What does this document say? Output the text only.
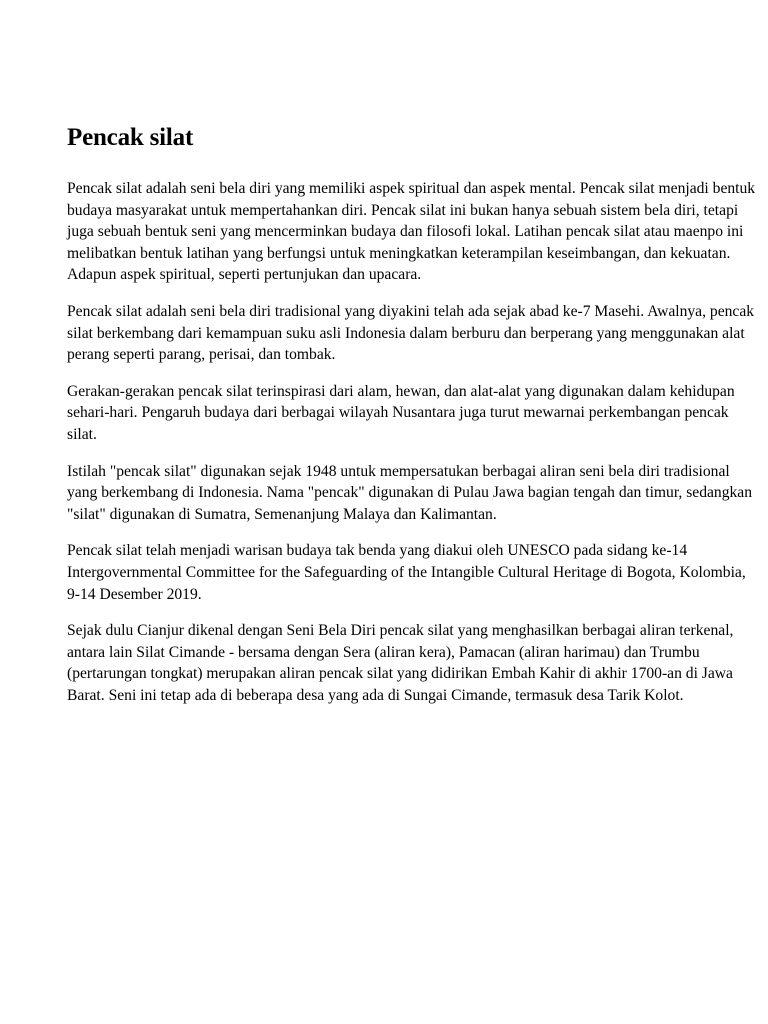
Pencak silat

Pencak silat adalah seni bela diri yang memiliki aspek spiritual dan aspek mental. Pencak silat menjadi bentuk budaya masyarakat untuk mempertahankan diri. Pencak silat ini bukan hanya sebuah sistem bela diri, tetapi juga sebuah bentuk seni yang mencerminkan budaya dan filosofi lokal. Latihan pencak silat atau maenpo ini melibatkan bentuk latihan yang berfungsi untuk meningkatkan keterampilan keseimbangan, dan kekuatan. Adapun aspek spiritual, seperti pertunjukan dan upacara.

Pencak silat adalah seni bela diri tradisional yang diyakini telah ada sejak abad ke-7 Masehi. Awalnya, pencak silat berkembang dari kemampuan suku asli Indonesia dalam berburu dan berperang yang menggunakan alat perang seperti parang, perisai, dan tombak.

Gerakan-gerakan pencak silat terinspirasi dari alam, hewan, dan alat-alat yang digunakan dalam kehidupan sehari-hari. Pengaruh budaya dari berbagai wilayah Nusantara juga turut mewarnai perkembangan pencak silat.

Istilah "pencak silat" digunakan sejak 1948 untuk mempersatukan berbagai aliran seni bela diri tradisional yang berkembang di Indonesia. Nama "pencak" digunakan di Pulau Jawa bagian tengah dan timur, sedangkan "silat" digunakan di Sumatra, Semenanjung Malaya dan Kalimantan.

Pencak silat telah menjadi warisan budaya tak benda yang diakui oleh UNESCO pada sidang ke-14 Intergovernmental Committee for the Safeguarding of the Intangible Cultural Heritage di Bogota, Kolombia, 9-14 Desember 2019.

Sejak dulu Cianjur dikenal dengan Seni Bela Diri pencak silat yang menghasilkan berbagai aliran terkenal, antara lain Silat Cimande - bersama dengan Sera (aliran kera), Pamacan (aliran harimau) dan Trumbu (pertarungan tongkat) merupakan aliran pencak silat yang didirikan Embah Kahir di akhir 1700-an di Jawa Barat. Seni ini tetap ada di beberapa desa yang ada di Sungai Cimande, termasuk desa Tarik Kolot.
